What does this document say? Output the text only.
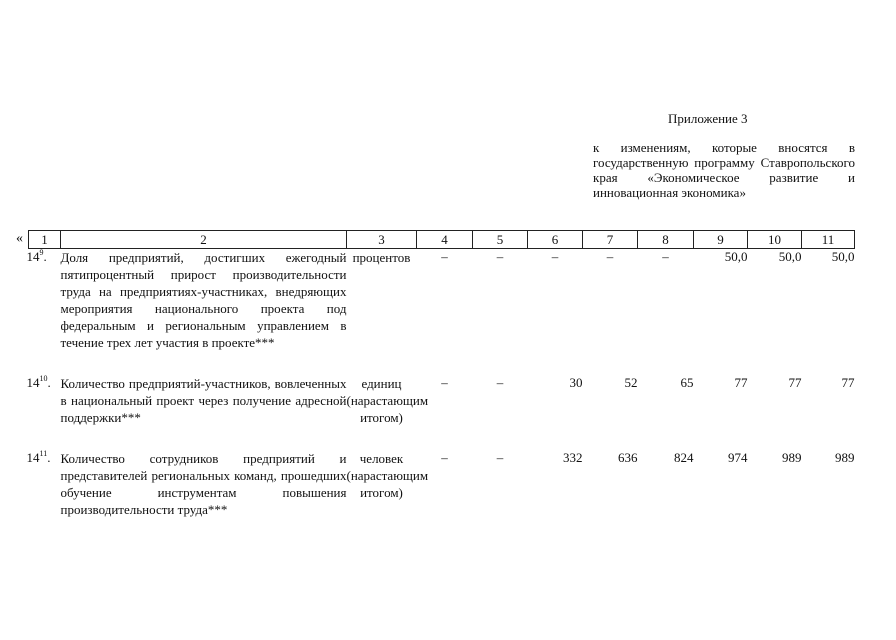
Приложение 3
к изменениям, которые вносятся в государственную программу Ставропольского края «Экономическое развитие и инновационная экономика»
« 1	2	3	4	5	6	7	8	9	10	11
$14^9$.	Доля предприятий, достигших ежегодный пятипроцентный прирост производительности труда на предприятиях-участниках, внедряющих мероприятия национального проекта под федеральным и региональным управлением в течение трех лет участия в проекте***	процентов	–	–	–	–	–	50,0	50,0	50,0

$14^{10}$.	Количество предприятий-участников, вовлеченных в национальный проект через получение адресной поддержки***	единиц (нарастающим итогом)	–	–	30	52	65	77	77	77

$14^{11}$.	Количество сотрудников предприятий и представителей региональных команд, прошедших обучение инструментам повышения производительности труда***	человек (нарастающим итогом)	–	–	332	636	824	974	989	989
